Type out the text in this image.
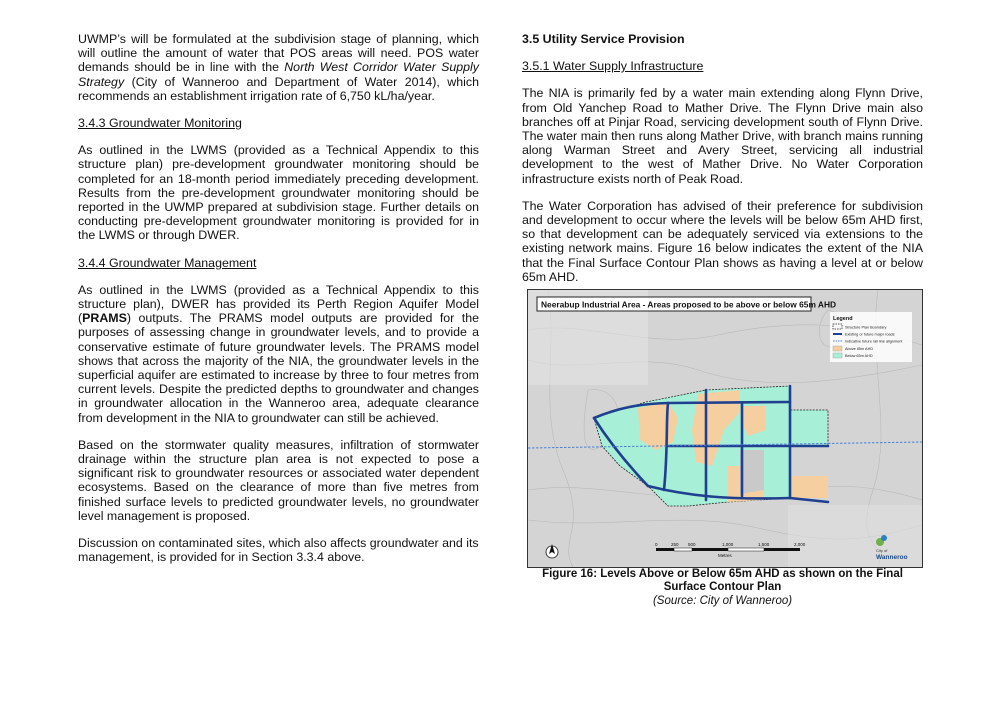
UWMP’s will be formulated at the subdivision stage of planning, which will outline the amount of water that POS areas will need. POS water demands should be in line with the North West Corridor Water Supply Strategy (City of Wanneroo and Department of Water 2014), which recommends an establishment irrigation rate of 6,750 kL/ha/year.

3.4.3 Groundwater Monitoring

As outlined in the LWMS (provided as a Technical Appendix to this structure plan) pre-development groundwater monitoring should be completed for an 18-month period immediately preceding development. Results from the pre-development groundwater monitoring should be reported in the UWMP prepared at subdivision stage. Further details on conducting pre-development groundwater monitoring is provided for in the LWMS or through DWER.

3.4.4 Groundwater Management

As outlined in the LWMS (provided as a Technical Appendix to this structure plan), DWER has provided its Perth Region Aquifer Model (PRAMS) outputs. The PRAMS model outputs are provided for the purposes of assessing change in groundwater levels, and to provide a conservative estimate of future groundwater levels. The PRAMS model shows that across the majority of the NIA, the groundwater levels in the superficial aquifer are estimated to increase by three to four metres from current levels. Despite the predicted depths to groundwater and changes in groundwater allocation in the Wanneroo area, adequate clearance from development in the NIA to groundwater can still be achieved.

Based on the stormwater quality measures, infiltration of stormwater drainage within the structure plan area is not expected to pose a significant risk to groundwater resources or associated water dependent ecosystems. Based on the clearance of more than five metres from finished surface levels to predicted groundwater levels, no groundwater level management is proposed.

Discussion on contaminated sites, which also affects groundwater and its management, is provided for in Section 3.3.4 above.

3.5 Utility Service Provision
3.5.1 Water Supply Infrastructure

The NIA is primarily fed by a water main extending along Flynn Drive, from Old Yanchep Road to Mather Drive. The Flynn Drive main also branches off at Pinjar Road, servicing development south of Flynn Drive. The water main then runs along Mather Drive, with branch mains running along Warman Street and Avery Street, servicing all industrial development to the west of Mather Drive. No Water Corporation infrastructure exists north of Peak Road.

The Water Corporation has advised of their preference for subdivision and development to occur where the levels will be below 65m AHD first, so that development can be adequately serviced via extensions to the existing network mains. Figure 16 below indicates the extent of the NIA that the Final Surface Contour Plan shows as having a level at or below 65m AHD.

Neerabup Industrial Area - Areas proposed to be above or below 65m AHD
Legend
Structure Plan Boundary
Existing or future major roads
Indicative future rail line alignment
Above 65m AHD
Below 65m AHD
0	250 500	1,000	1,500	2,000
Metres
City of
Wanneroo
Figure 16: Levels Above or Below 65m AHD as shown on the Final Surface Contour Plan
(Source: City of Wanneroo)
